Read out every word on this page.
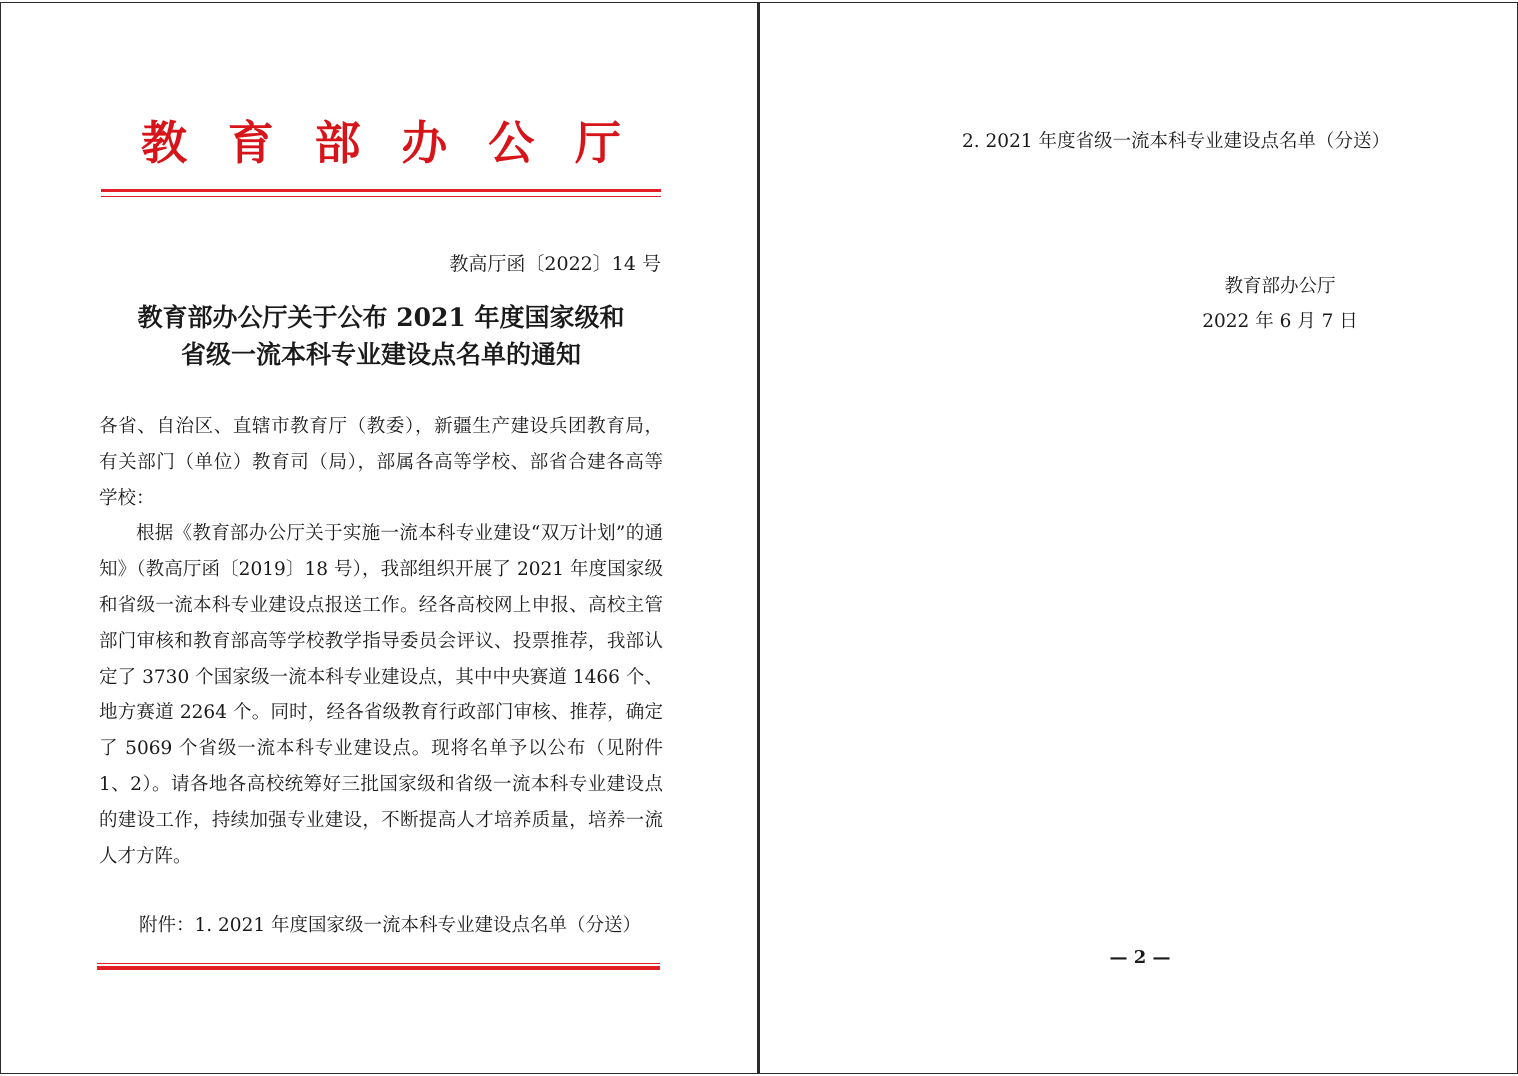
教 育 部 办 公 厅
教高厅函〔2022〕14 号
教育部办公厅关于公布 2021 年度国家级和
省级一流本科专业建设点名单的通知

各省、自治区、直辖市教育厅（教委），新疆生产建设兵团教育局，有关部门（单位）教育司（局），部属各高等学校、部省合建各高等学校：

根据《教育部办公厅关于实施一流本科专业建设“双万计划”的通知》（教高厅函〔2019〕18 号），我部组织开展了 2021 年度国家级和省级一流本科专业建设点报送工作。经各高校网上申报、高校主管部门审核和教育部高等学校教学指导委员会评议、投票推荐，我部认定了 3730 个国家级一流本科专业建设点，其中中央赛道 1466 个、地方赛道 2264 个。同时，经各省级教育行政部门审核、推荐，确定了 5069 个省级一流本科专业建设点。现将名单予以公布（见附件 1、2）。请各地各高校统筹好三批国家级和省级一流本科专业建设点的建设工作，持续加强专业建设，不断提高人才培养质量，培养一流人才方阵。

附件：1. 2021 年度国家级一流本科专业建设点名单（分送）
2. 2021 年度省级一流本科专业建设点名单（分送）
教育部办公厅
2022 年 6 月 7 日
— 2 —
